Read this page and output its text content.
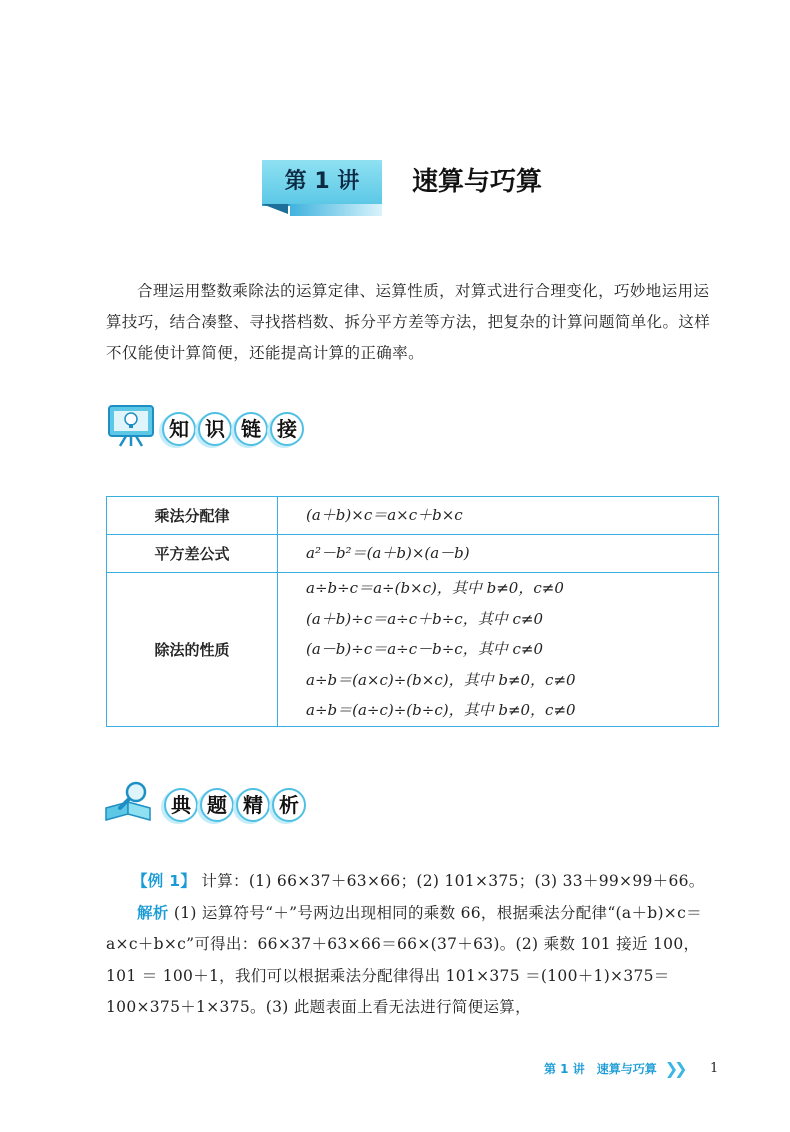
第 1 讲	速算与巧算
合理运用整数乘除法的运算定律、运算性质，对算式进行合理变化，巧妙地运用运算技巧，结合凑整、寻找搭档数、拆分平方差等方法，把复杂的计算问题简单化。这样不仅能使计算简便，还能提高计算的正确率。
知 识 链 接
乘法分配律	(a＋b)×c＝a×c＋b×c

平方差公式	a²－b²＝(a＋b)×(a－b)

除法的性质	a÷b÷c＝a÷(b×c)，其中 b≠0，c≠0
(a＋b)÷c＝a÷c＋b÷c，其中 c≠0
(a－b)÷c＝a÷c－b÷c，其中 c≠0
a÷b＝(a×c)÷(b×c)，其中 b≠0，c≠0
a÷b＝(a÷c)÷(b÷c)，其中 b≠0，c≠0
典 题 精 析
【例 1】 计算：(1) 66×37＋63×66；(2) 101×375；(3) 33＋99×99＋66。
解析 (1) 运算符号“＋”号两边出现相同的乘数 66，根据乘法分配律“(a＋b)×c＝a×c＋b×c”可得出：66×37＋63×66＝66×(37＋63)。(2) 乘数 101 接近 100，101 ＝ 100＋1，我们可以根据乘法分配律得出 101×375 ＝(100＋1)×375＝100×375＋1×375。(3) 此题表面上看无法进行简便运算，
第 1 讲 速算与巧算 ❯❯ 1
